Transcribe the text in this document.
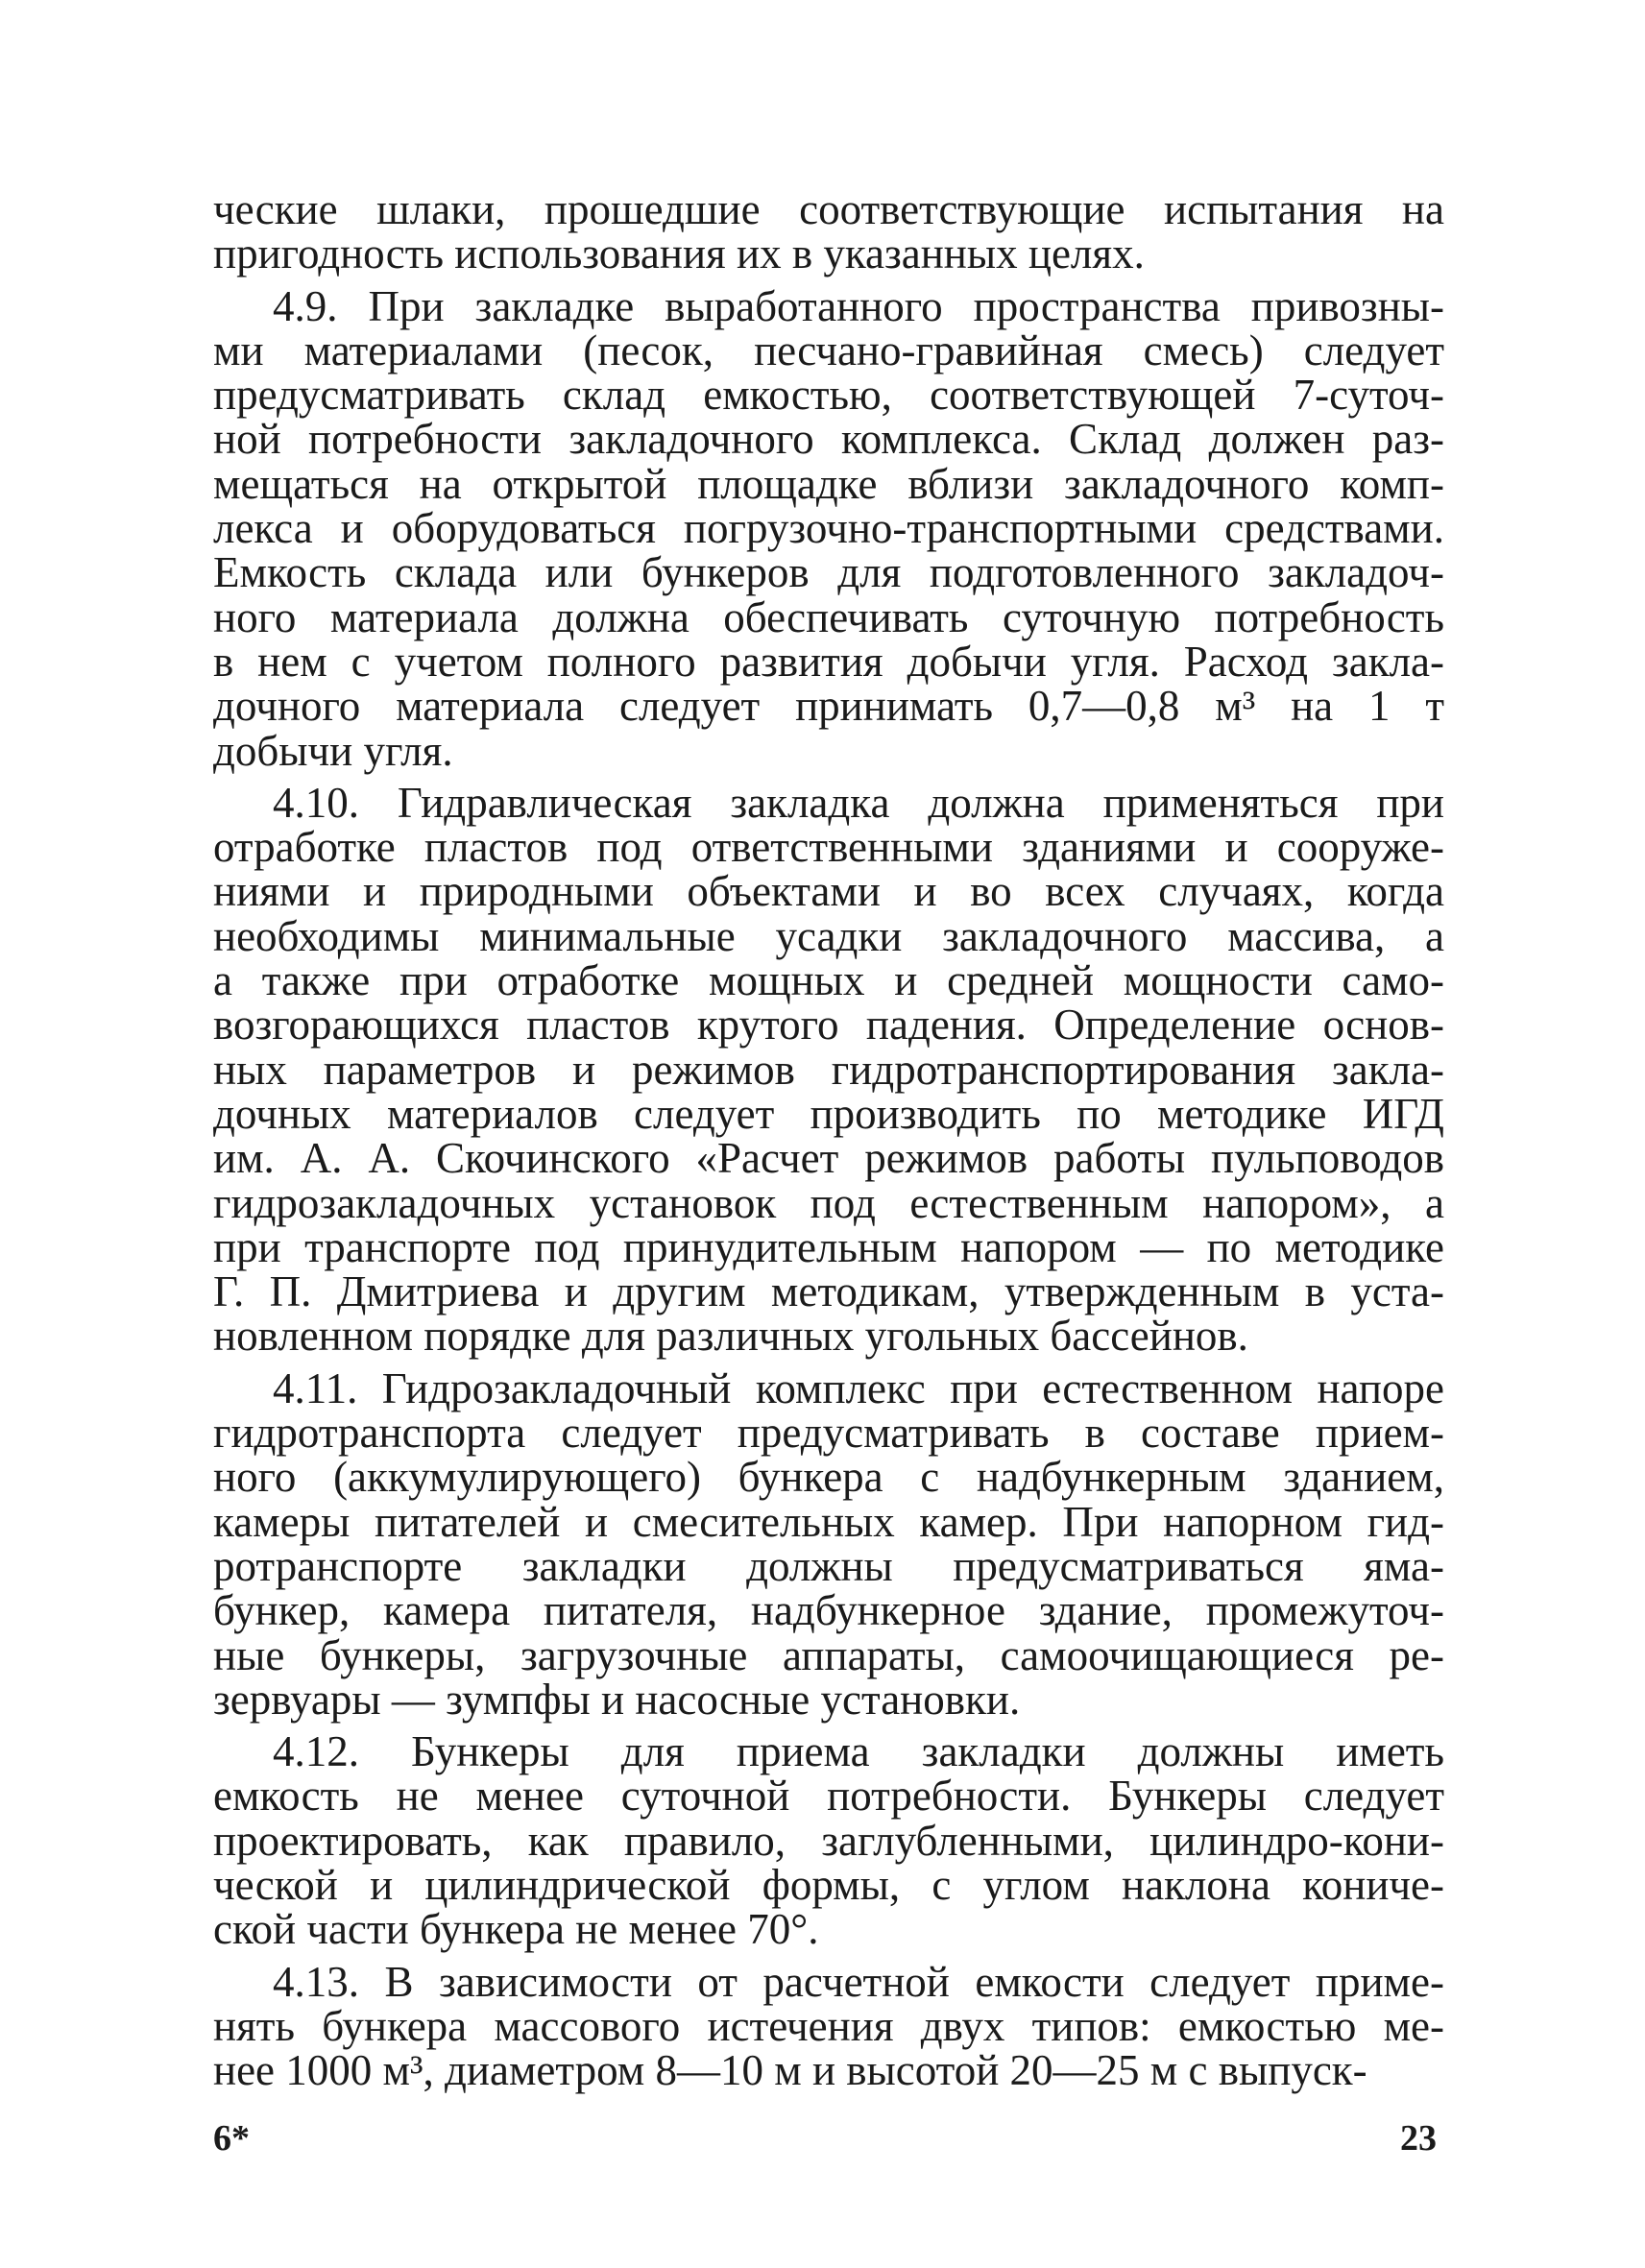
ческие шлаки, прошедшие соответствующие испытания на
пригодность использования их в указанных целях.
4.9. При закладке выработанного пространства привозны-
ми материалами (песок, песчано-гравийная смесь) следует
предусматривать склад емкостью, соответствующей 7-суточ-
ной потребности закладочного комплекса. Склад должен раз-
мещаться на открытой площадке вблизи закладочного комп-
лекса и оборудоваться погрузочно-транспортными средствами.
Емкость склада или бункеров для подготовленного закладоч-
ного материала должна обеспечивать суточную потребность
в нем с учетом полного развития добычи угля. Расход закла-
дочного материала следует принимать 0,7—0,8 м³ на 1 т
добычи угля.
4.10. Гидравлическая закладка должна применяться при
отработке пластов под ответственными зданиями и сооруже-
ниями и природными объектами и во всех случаях, когда
необходимы минимальные усадки закладочного массива, а
а также при отработке мощных и средней мощности само-
возгорающихся пластов крутого падения. Определение основ-
ных параметров и режимов гидротранспортирования закла-
дочных материалов следует производить по методике ИГД
им. А. А. Скочинского «Расчет режимов работы пульповодов
гидрозакладочных установок под естественным напором», а
при транспорте под принудительным напором — по методике
Г. П. Дмитриева и другим методикам, утвержденным в уста-
новленном порядке для различных угольных бассейнов.
4.11. Гидрозакладочный комплекс при естественном напоре
гидротранспорта следует предусматривать в составе прием-
ного (аккумулирующего) бункера с надбункерным зданием,
камеры питателей и смесительных камер. При напорном гид-
ротранспорте закладки должны предусматриваться яма-
бункер, камера питателя, надбункерное здание, промежуточ-
ные бункеры, загрузочные аппараты, самоочищающиеся ре-
зервуары — зумпфы и насосные установки.
4.12. Бункеры для приема закладки должны иметь
емкость не менее суточной потребности. Бункеры следует
проектировать, как правило, заглубленными, цилиндро-кони-
ческой и цилиндрической формы, с углом наклона кониче-
ской части бункера не менее 70°.
4.13. В зависимости от расчетной емкости следует приме-
нять бункера массового истечения двух типов: емкостью ме-
нее 1000 м³, диаметром 8—10 м и высотой 20—25 м с выпуск-
6*	23
